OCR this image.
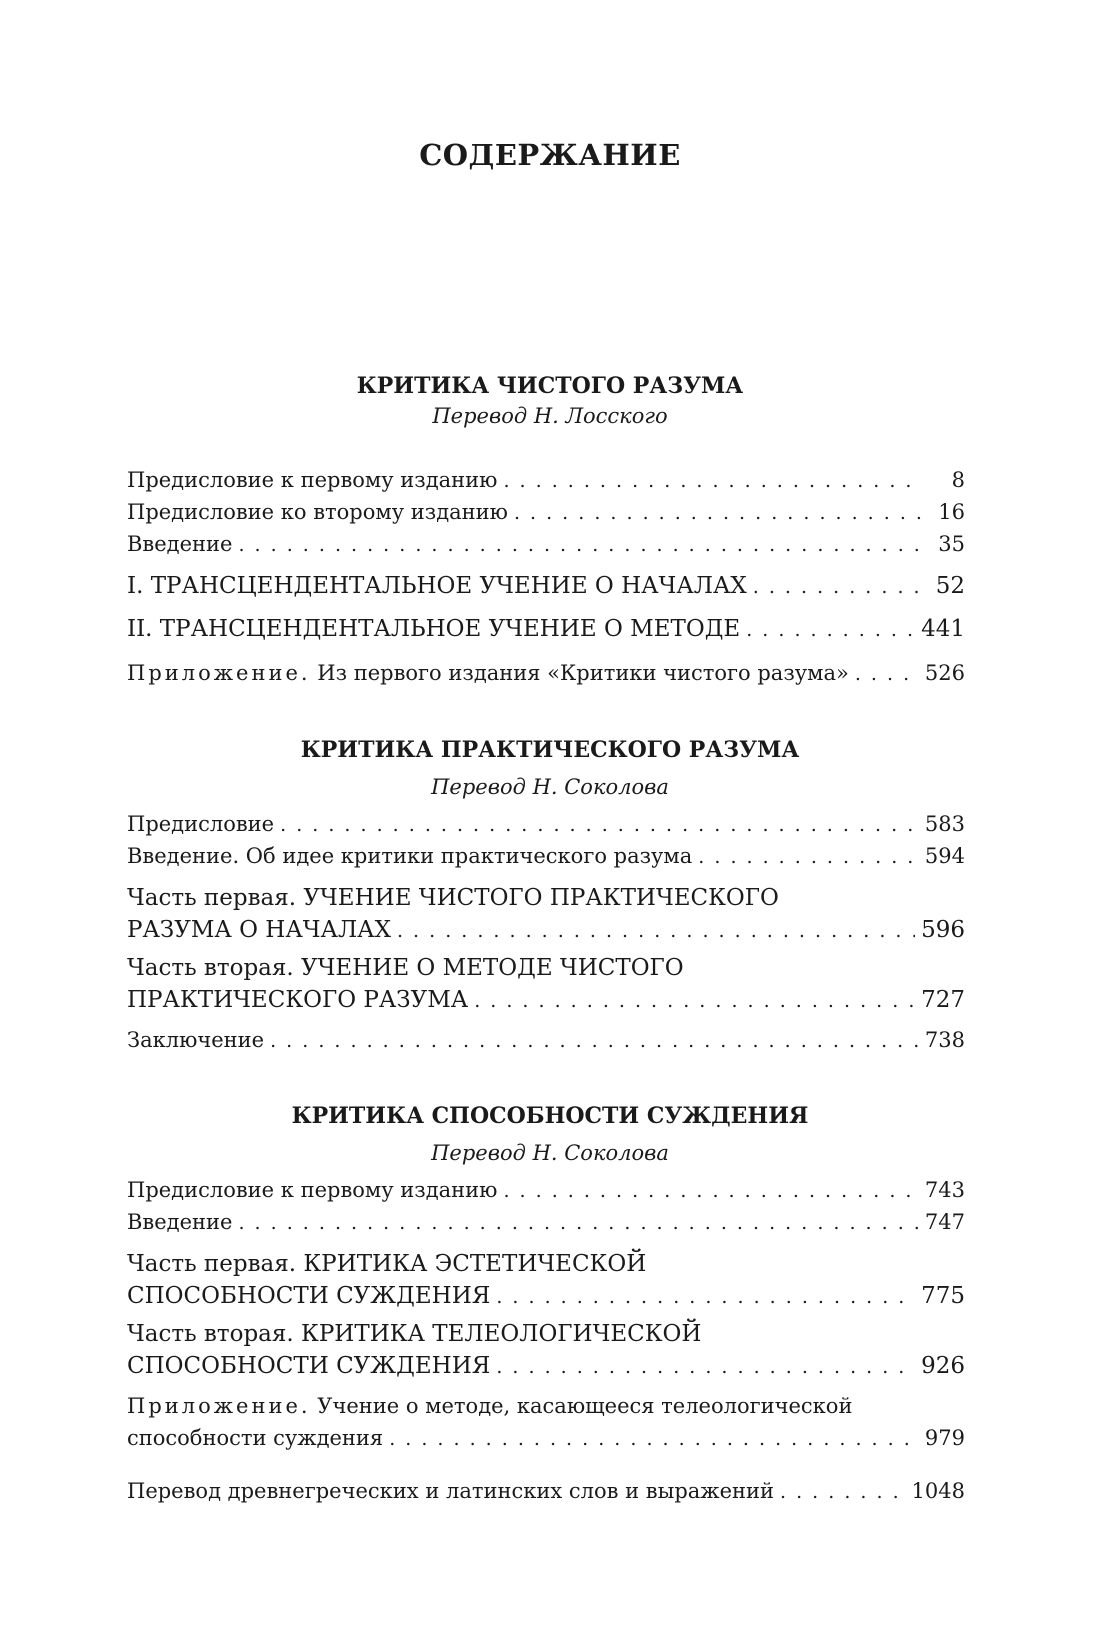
СОДЕРЖАНИЕ
КРИТИКА ЧИСТОГО РАЗУМА
Перевод Н. Лосского
Предисловие к первому изданию . . .	8
Предисловие ко второму изданию . . .	16
Введение . . .	35
I. ТРАНСЦЕНДЕНТАЛЬНОЕ УЧЕНИЕ О НАЧАЛАХ . . .	52
II. ТРАНСЦЕНДЕНТАЛЬНОЕ УЧЕНИЕ О МЕТОДЕ . . .	441
Приложение. Из первого издания «Критики чистого разума» . . .	526
КРИТИКА ПРАКТИЧЕСКОГО РАЗУМА
Перевод Н. Соколова
Предисловие . . .	583
Введение. Об идее критики практического разума . . .	594
Часть первая. УЧЕНИЕ ЧИСТОГО ПРАКТИЧЕСКОГО
РАЗУМА О НАЧАЛАХ . . .	596
Часть вторая. УЧЕНИЕ О МЕТОДЕ ЧИСТОГО
ПРАКТИЧЕСКОГО РАЗУМА . . .	727
Заключение . . .	738
КРИТИКА СПОСОБНОСТИ СУЖДЕНИЯ
Перевод Н. Соколова
Предисловие к первому изданию . . .	743
Введение . . .	747
Часть первая. КРИТИКА ЭСТЕТИЧЕСКОЙ
СПОСОБНОСТИ СУЖДЕНИЯ . . .	775
Часть вторая. КРИТИКА ТЕЛЕОЛОГИЧЕСКОЙ
СПОСОБНОСТИ СУЖДЕНИЯ . . .	926
Приложение. Учение о методе, касающееся телеологической
способности суждения . . .	979
Перевод древнегреческих и латинских слов и выражений . . .	1048
